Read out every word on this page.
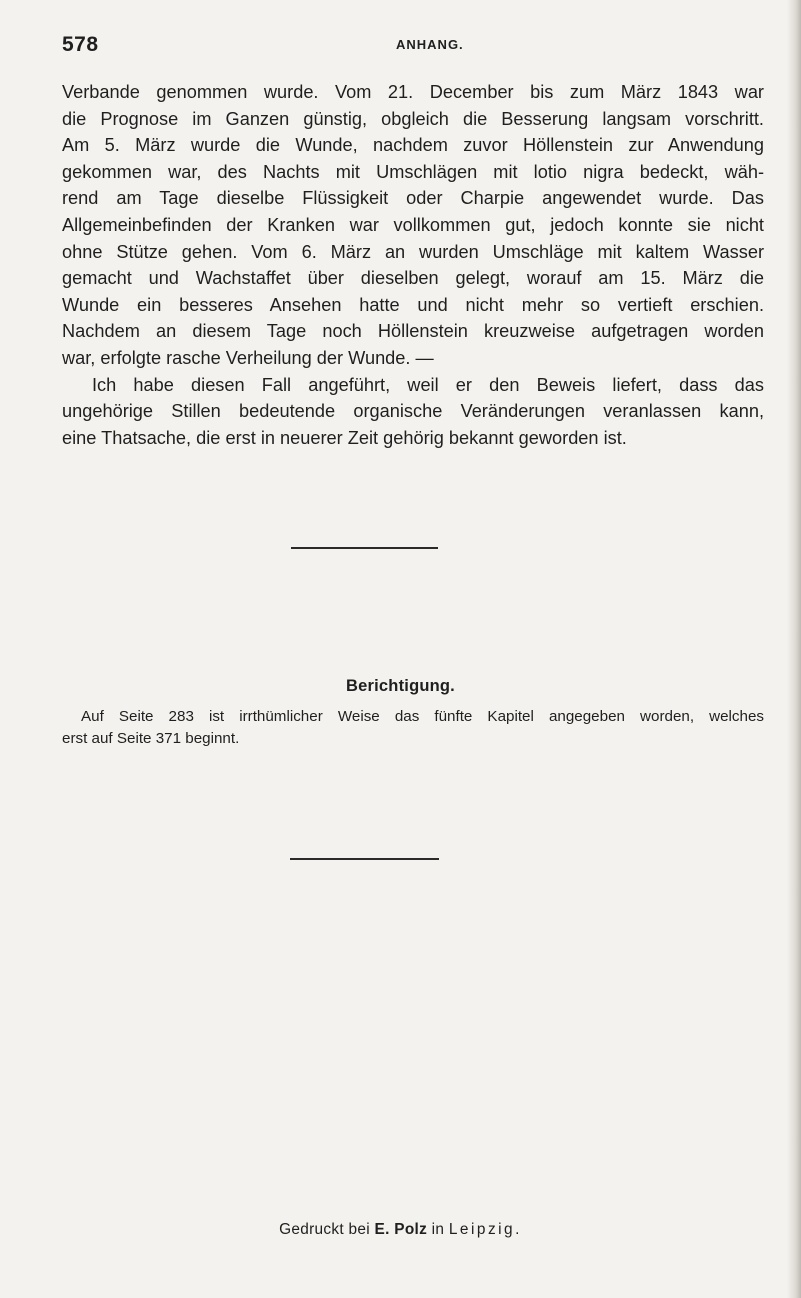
578	ANHANG.
Verbande genommen wurde. Vom 21. December bis zum März 1843 war
die Prognose im Ganzen günstig, obgleich die Besserung langsam vorschritt.
Am 5. März wurde die Wunde, nachdem zuvor Höllenstein zur Anwendung
gekommen war, des Nachts mit Umschlägen mit lotio nigra bedeckt, wäh-
rend am Tage dieselbe Flüssigkeit oder Charpie angewendet wurde. Das
Allgemeinbefinden der Kranken war vollkommen gut, jedoch konnte sie nicht
ohne Stütze gehen. Vom 6. März an wurden Umschläge mit kaltem Wasser
gemacht und Wachstaffet über dieselben gelegt, worauf am 15. März die
Wunde ein besseres Ansehen hatte und nicht mehr so vertieft erschien.
Nachdem an diesem Tage noch Höllenstein kreuzweise aufgetragen worden
war, erfolgte rasche Verheilung der Wunde. —
Ich habe diesen Fall angeführt, weil er den Beweis liefert, dass das
ungehörige Stillen bedeutende organische Veränderungen veranlassen kann,
eine Thatsache, die erst in neuerer Zeit gehörig bekannt geworden ist.
Berichtigung.
Auf Seite 283 ist irrthümlicher Weise das fünfte Kapitel angegeben worden, welches
erst auf Seite 371 beginnt.
Gedruckt bei E. Polz in Leipzig.
